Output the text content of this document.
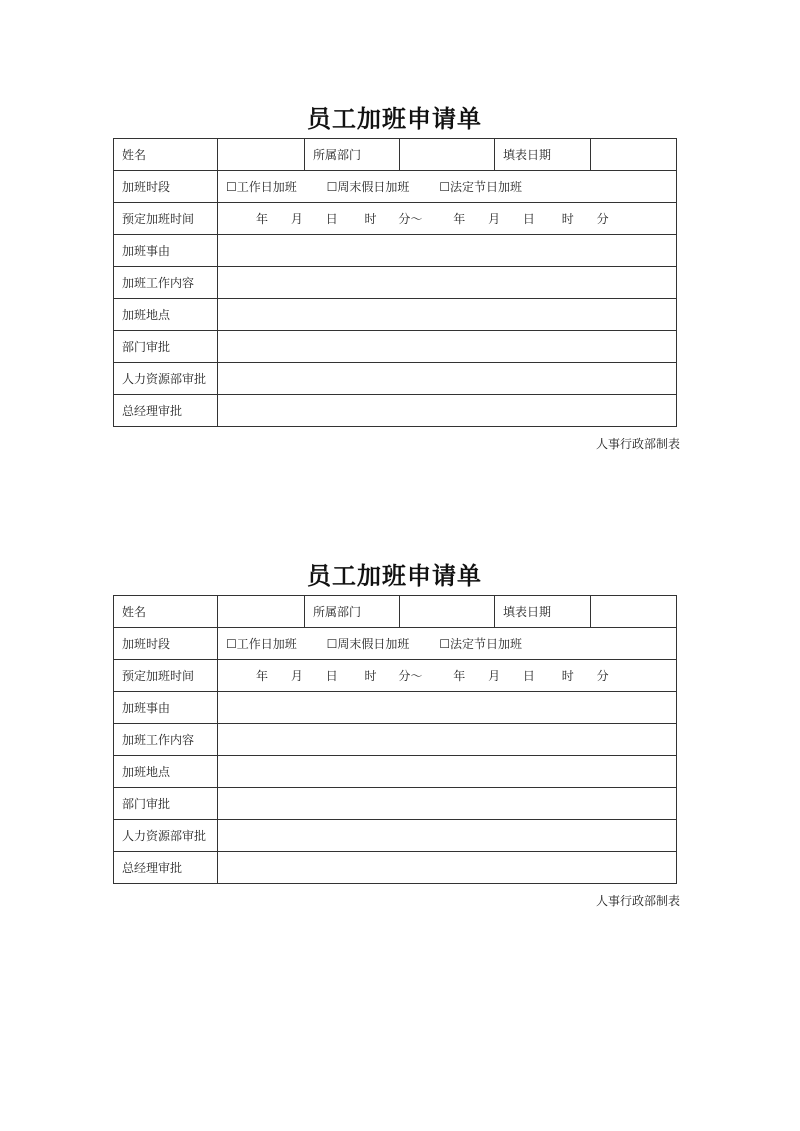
员工加班申请单
姓名		所属部门		填表日期	
加班时段	☐工作日加班 ☐周末假日加班 ☐法定节日加班				
预定加班时间	年 月 日 时 分～ 年 月 日 时 分				
加班事由					
加班工作内容					
加班地点					
部门审批					
人力资源部审批					
总经理审批					
人事行政部制表
员工加班申请单
姓名		所属部门		填表日期	
加班时段	☐工作日加班 ☐周末假日加班 ☐法定节日加班				
预定加班时间	年 月 日 时 分～ 年 月 日 时 分				
加班事由					
加班工作内容					
加班地点					
部门审批					
人力资源部审批					
总经理审批					
人事行政部制表
